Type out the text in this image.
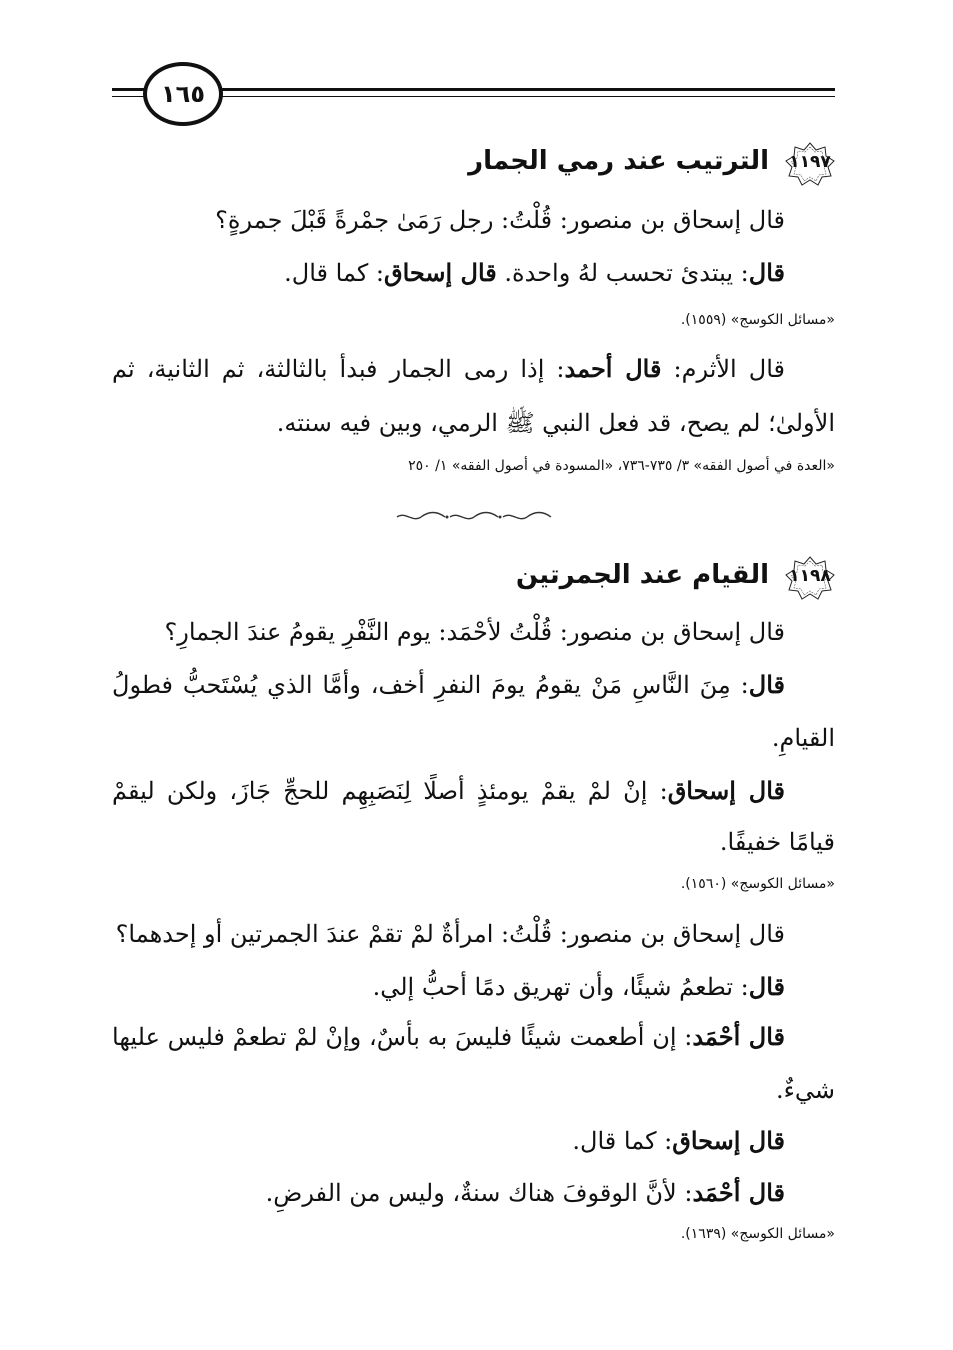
١٦٥
١١٩٧
الترتيب عند رمي الجمار
قال إسحاق بن منصور: قُلْتُ: رجل رَمَىٰ جمْرةً قَبْلَ جمرةٍ؟
قال: يبتدئ تحسب لهُ واحدة. قال إسحاق: كما قال.
«مسائل الكوسج» (١٥٥٩).
قال الأثرم: قال أحمد: إذا رمى الجمار فبدأ بالثالثة، ثم الثانية، ثم
الأولىٰ؛ لم يصح، قد فعل النبي ﷺ الرمي، وبين فيه سنته.
«العدة في أصول الفقه» ٣/ ٧٣٥-٧٣٦، «المسودة في أصول الفقه» ١/ ٢٥٠
١١٩٨
القيام عند الجمرتين
قال إسحاق بن منصور: قُلْتُ لأحْمَد: يوم النَّفْرِ يقومُ عندَ الجمارِ؟
قال: مِنَ النَّاسِ مَنْ يقومُ يومَ النفرِ أخف، وأمَّا الذي يُسْتَحبُّ فطولُ
القيامِ.
قال إسحاق: إنْ لمْ يقمْ يومئذٍ أصلًا لِنَصَبِهِم للحجِّ جَازَ، ولكن ليقمْ
قيامًا خفيفًا.
«مسائل الكوسج» (١٥٦٠).
قال إسحاق بن منصور: قُلْتُ: امرأةٌ لمْ تقمْ عندَ الجمرتين أو إحدهما؟
قال: تطعمُ شيئًا، وأن تهريق دمًا أحبُّ إلي.
قال أحْمَد: إن أطعمت شيئًا فليسَ به بأسٌ، وإنْ لمْ تطعمْ فليس عليها
شيءٌ.
قال إسحاق: كما قال.
قال أحْمَد: لأنَّ الوقوفَ هناك سنةٌ، وليس من الفرضِ.
«مسائل الكوسج» (١٦٣٩).
